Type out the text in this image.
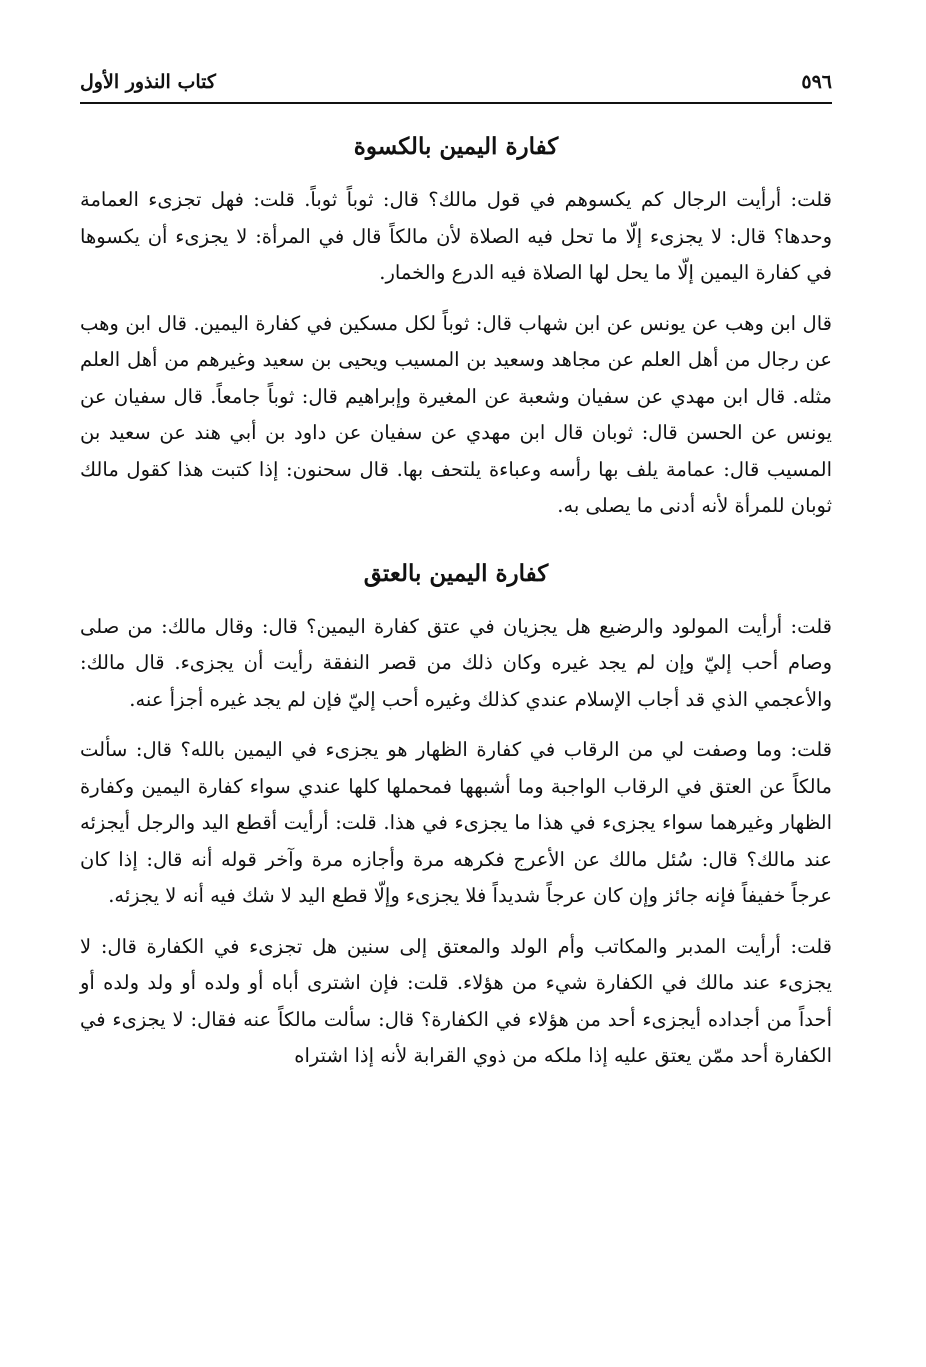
٥٩٦
كتاب النذور الأول
كفارة اليمين بالكسوة

قلت: أرأيت الرجال كم يكسوهم في قول مالك؟ قال: ثوباً ثوباً. قلت: فهل تجزىء العمامة وحدها؟ قال: لا يجزىء إلّا ما تحل فيه الصلاة لأن مالكاً قال في المرأة: لا يجزىء أن يكسوها في كفارة اليمين إلّا ما يحل لها الصلاة فيه الدرع والخمار.

قال ابن وهب عن يونس عن ابن شهاب قال: ثوباً لكل مسكين في كفارة اليمين. قال ابن وهب عن رجال من أهل العلم عن مجاهد وسعيد بن المسيب ويحيى بن سعيد وغيرهم من أهل العلم مثله. قال ابن مهدي عن سفيان وشعبة عن المغيرة وإبراهيم قال: ثوباً جامعاً. قال سفيان عن يونس عن الحسن قال: ثوبان قال ابن مهدي عن سفيان عن داود بن أبي هند عن سعيد بن المسيب قال: عمامة يلف بها رأسه وعباءة يلتحف بها. قال سحنون: إذا كتبت هذا كقول مالك ثوبان للمرأة لأنه أدنى ما يصلى به.

كفارة اليمين بالعتق

قلت: أرأيت المولود والرضيع هل يجزيان في عتق كفارة اليمين؟ قال: وقال مالك: من صلى وصام أحب إليّ وإن لم يجد غيره وكان ذلك من قصر النفقة رأيت أن يجزىء. قال مالك: والأعجمي الذي قد أجاب الإسلام عندي كذلك وغيره أحب إليّ فإن لم يجد غيره أجزأ عنه.

قلت: وما وصفت لي من الرقاب في كفارة الظهار هو يجزىء في اليمين بالله؟ قال: سألت مالكاً عن العتق في الرقاب الواجبة وما أشبهها فمحملها كلها عندي سواء كفارة اليمين وكفارة الظهار وغيرهما سواء يجزىء في هذا ما يجزىء في هذا. قلت: أرأيت أقطع اليد والرجل أيجزئه عند مالك؟ قال: سُئل مالك عن الأعرج فكرهه مرة وأجازه مرة وآخر قوله أنه قال: إذا كان عرجاً خفيفاً فإنه جائز وإن كان عرجاً شديداً فلا يجزىء وإلّا قطع اليد لا شك فيه أنه لا يجزئه.

قلت: أرأيت المدبر والمكاتب وأم الولد والمعتق إلى سنين هل تجزىء في الكفارة قال: لا يجزىء عند مالك في الكفارة شيء من هؤلاء. قلت: فإن اشترى أباه أو ولده أو ولد ولده أو أحداً من أجداده أيجزىء أحد من هؤلاء في الكفارة؟ قال: سألت مالكاً عنه فقال: لا يجزىء في الكفارة أحد ممّن يعتق عليه إذا ملكه من ذوي القرابة لأنه إذا اشتراه
